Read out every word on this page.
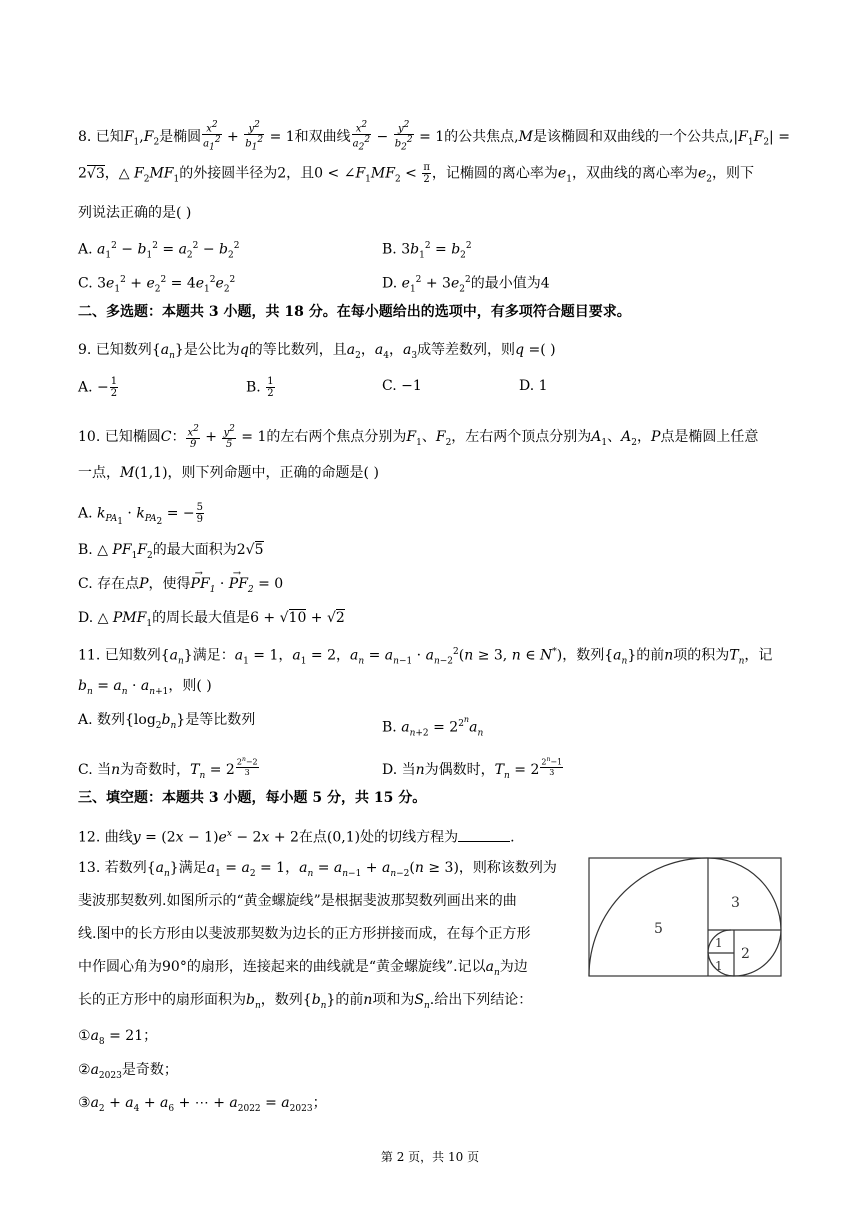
8. 已知$F_1,F_2$是椭圆 $\frac{x^2}{a_1^2} + \frac{y^2}{b_1^2} = 1$和双曲线 $\frac{x^2}{a_2^2} - \frac{y^2}{b_2^2} = 1$的公共焦点,M是该椭圆和双曲线的一个公共点$,|F_1F_2|$ =
2√3，△ $F_2MF_1$的外接圆半径为2，且$0 < \angle F_1MF_2 < \frac{\pi}{2}$ ，记椭圆的离心率为$e_1$，双曲线的离心率为$e_2$，则下
列说法正确的是( )
A. $a_1^2 - b_1^2 = a_2^2 - b_2^2$	B. $3b_1^2 = b_2^2$
C. $3e_1^2 + e_2^2 = 4e_1^2e_2^2$	D. $e_1^2 + 3e_2^2$的最小值为4
二、多选题：本题共 3 小题，共 18 分。在每小题给出的选项中，有多项符合题目要求。
9. 已知数列$\{a_n\}$是公比为q的等比数列，且$a_2$，$a_4$，$a_3$成等差数列，则q =( )
A. − $\frac{1}{2}$	B. $\frac{1}{2}$	C. −1	D. 1
10. 已知椭圆C： $\frac{x^2}{9} + \frac{y^2}{5} = 1$的左右两个焦点分别为$F_1$、$F_2$，左右两个顶点分别为$A_1$、$A_2$，P点是椭圆上任意
一点，M(1,1)，则下列命题中，正确的命题是( )
A. $k_{PA_1} \cdot k_{PA_2}$ = − $\frac{5}{9}$
B. △ $PF_1F_2$的最大面积为2√5
C. 存在点P，使得→ $PF_1$ · → $PF_2 = 0$
D. △ $PMF_1$的周长最大值是6 + √10 + √2
11. 已知数列$\{a_n\}$满足：$a_1 = 1$，$a_1 = 2$，$a_n = a_{n-1} \cdot a_{n-2}^2(n \ge 3$, n ∈ N*)，数列$\{a_n\}$的前n项的积为$T_n$，记
$b_n = a_n \cdot a_{n+1}$，则( )
A. 数列$\{\log_2b_n\}$是等比数列	B. $a_{n+2} = 2^{2^n}a_n$
C. 当n为奇数时，$T_n = 2$ $^{\frac{2^n-2}{3}}$	D. 当n为偶数时，$T_n = 2$ $^{\frac{2^n-1}{3}}$
三、填空题：本题共 3 小题，每小题 5 分，共 15 分。
12. 曲线$y = (2x - 1)e^x - 2x + 2$在点(0,1)处的切线方程为	.
13. 若数列$\{a_n\}$满足$a_1 = a_2 = 1$，$a_n = a_{n-1} + a_{n-2}(n \ge 3)$，则称该数列为
斐波那契数列.如图所示的“黄金螺旋线”是根据斐波那契数列画出来的曲
线.图中的长方形由以斐波那契数为边长的正方形拼接而成，在每个正方形
中作圆心角为90°的扇形，连接起来的曲线就是“黄金螺旋线”.记以$a_n$为边
长的正方形中的扇形面积为$b_n$，数列$\{b_n\}$的前n项和为$S_n$.给出下列结论：
$①a_8 = 21$；
$②a_{2023}$是奇数；
$③a_2 + a_4 + a_6$ + ⋯ + $a_{2022} = a_{2023}$；
5
3
2
1
1
第 2 页，共 10 页
